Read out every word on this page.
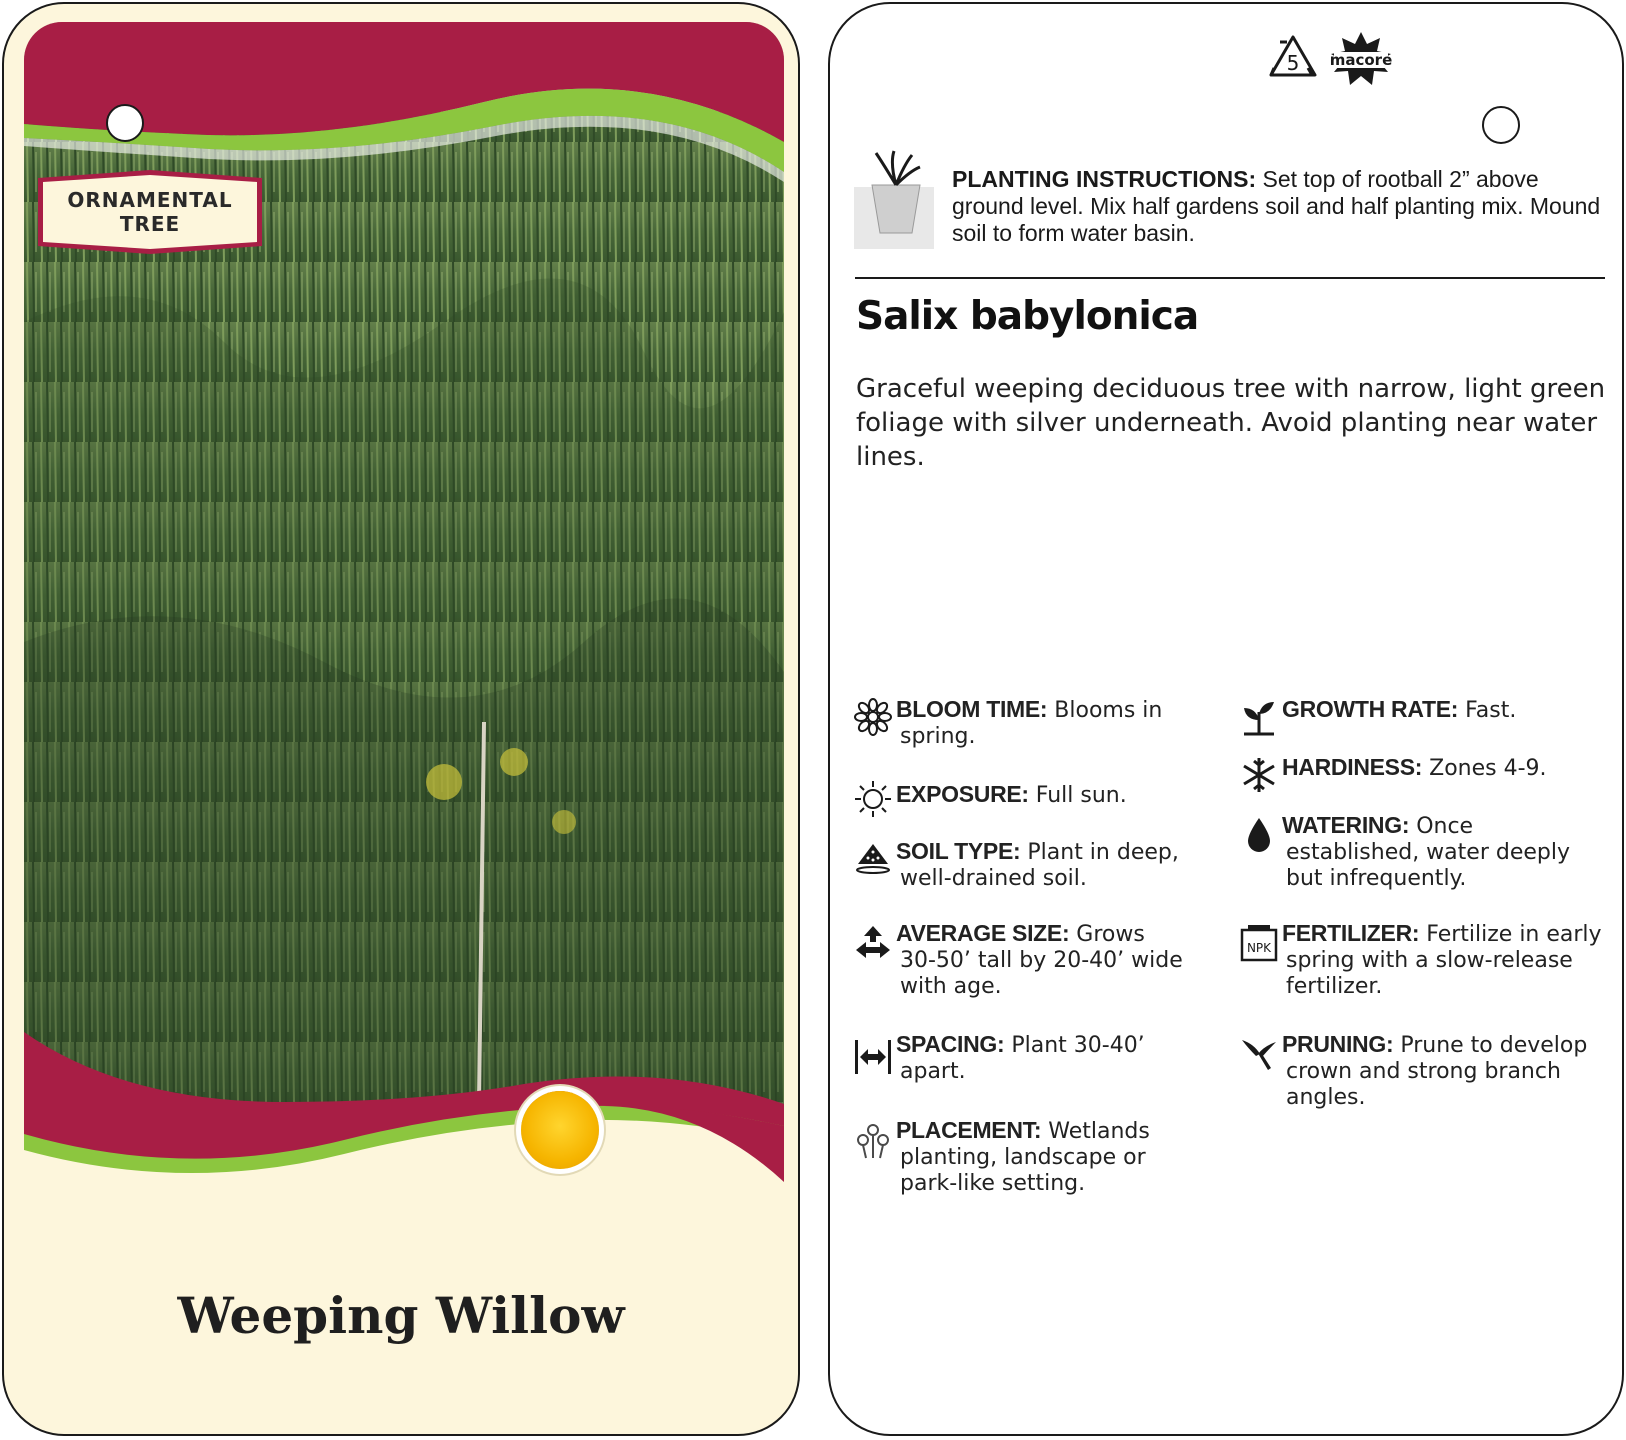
ORNAMENTAL
TREE
Weeping Willow
5 macore
PLANTING INSTRUCTIONS: Set top of rootball 2” above ground level. Mix half gardens soil and half planting mix. Mound soil to form water basin.
Salix babylonica
Graceful weeping deciduous tree with narrow, light green foliage with silver underneath. Avoid planting near water lines.
BLOOM TIME: Blooms in
spring.
EXPOSURE: Full sun.
SOIL TYPE: Plant in deep,
well-drained soil.
AVERAGE SIZE: Grows
30-50’ tall by 20-40’ wide
with age.
SPACING: Plant 30-40’
apart.
PLACEMENT: Wetlands
planting, landscape or
park-like setting.
GROWTH RATE: Fast.
HARDINESS: Zones 4-9.
WATERING: Once
established, water deeply
but infrequently.
NPK
FERTILIZER: Fertilize in early
spring with a slow-release
fertilizer.
PRUNING: Prune to develop
crown and strong branch
angles.
